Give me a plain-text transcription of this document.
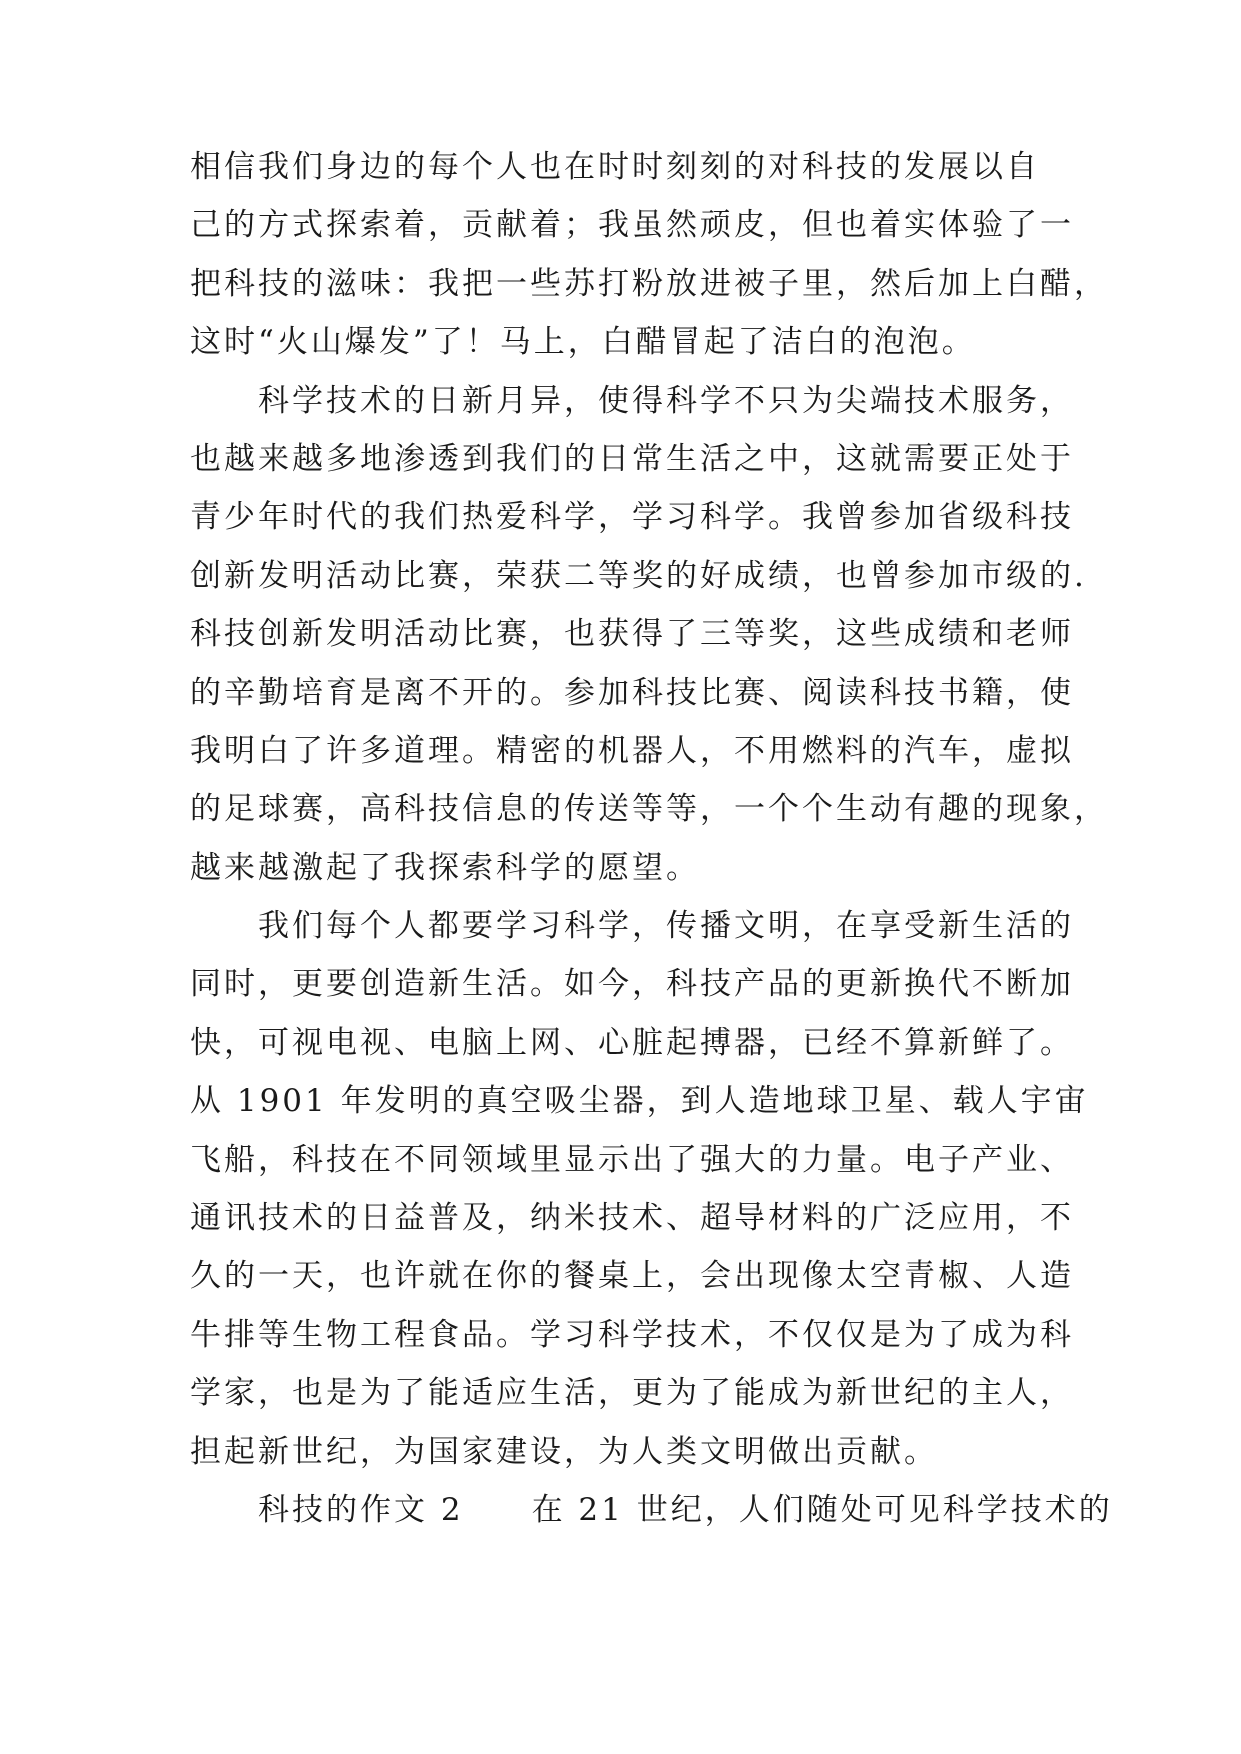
相信我们身边的每个人也在时时刻刻的对科技的发展以自
己的方式探索着，贡献着；我虽然顽皮，但也着实体验了一
把科技的滋味：我把一些苏打粉放进被子里，然后加上白醋，
这时“火山爆发”了！马上，白醋冒起了洁白的泡泡。
　　科学技术的日新月异，使得科学不只为尖端技术服务，
也越来越多地渗透到我们的日常生活之中，这就需要正处于
青少年时代的我们热爱科学，学习科学。我曾参加省级科技
创新发明活动比赛，荣获二等奖的好成绩，也曾参加市级的.
科技创新发明活动比赛，也获得了三等奖，这些成绩和老师
的辛勤培育是离不开的。参加科技比赛、阅读科技书籍，使
我明白了许多道理。精密的机器人，不用燃料的汽车，虚拟
的足球赛，高科技信息的传送等等，一个个生动有趣的现象，
越来越激起了我探索科学的愿望。
　　我们每个人都要学习科学，传播文明，在享受新生活的
同时，更要创造新生活。如今，科技产品的更新换代不断加
快，可视电视、电脑上网、心脏起搏器，已经不算新鲜了。
从 1901 年发明的真空吸尘器，到人造地球卫星、载人宇宙
飞船，科技在不同领域里显示出了强大的力量。电子产业、
通讯技术的日益普及，纳米技术、超导材料的广泛应用，不
久的一天，也许就在你的餐桌上，会出现像太空青椒、人造
牛排等生物工程食品。学习科学技术，不仅仅是为了成为科
学家，也是为了能适应生活，更为了能成为新世纪的主人，
担起新世纪，为国家建设，为人类文明做出贡献。
　　科技的作文 2　　在 21 世纪，人们随处可见科学技术的
